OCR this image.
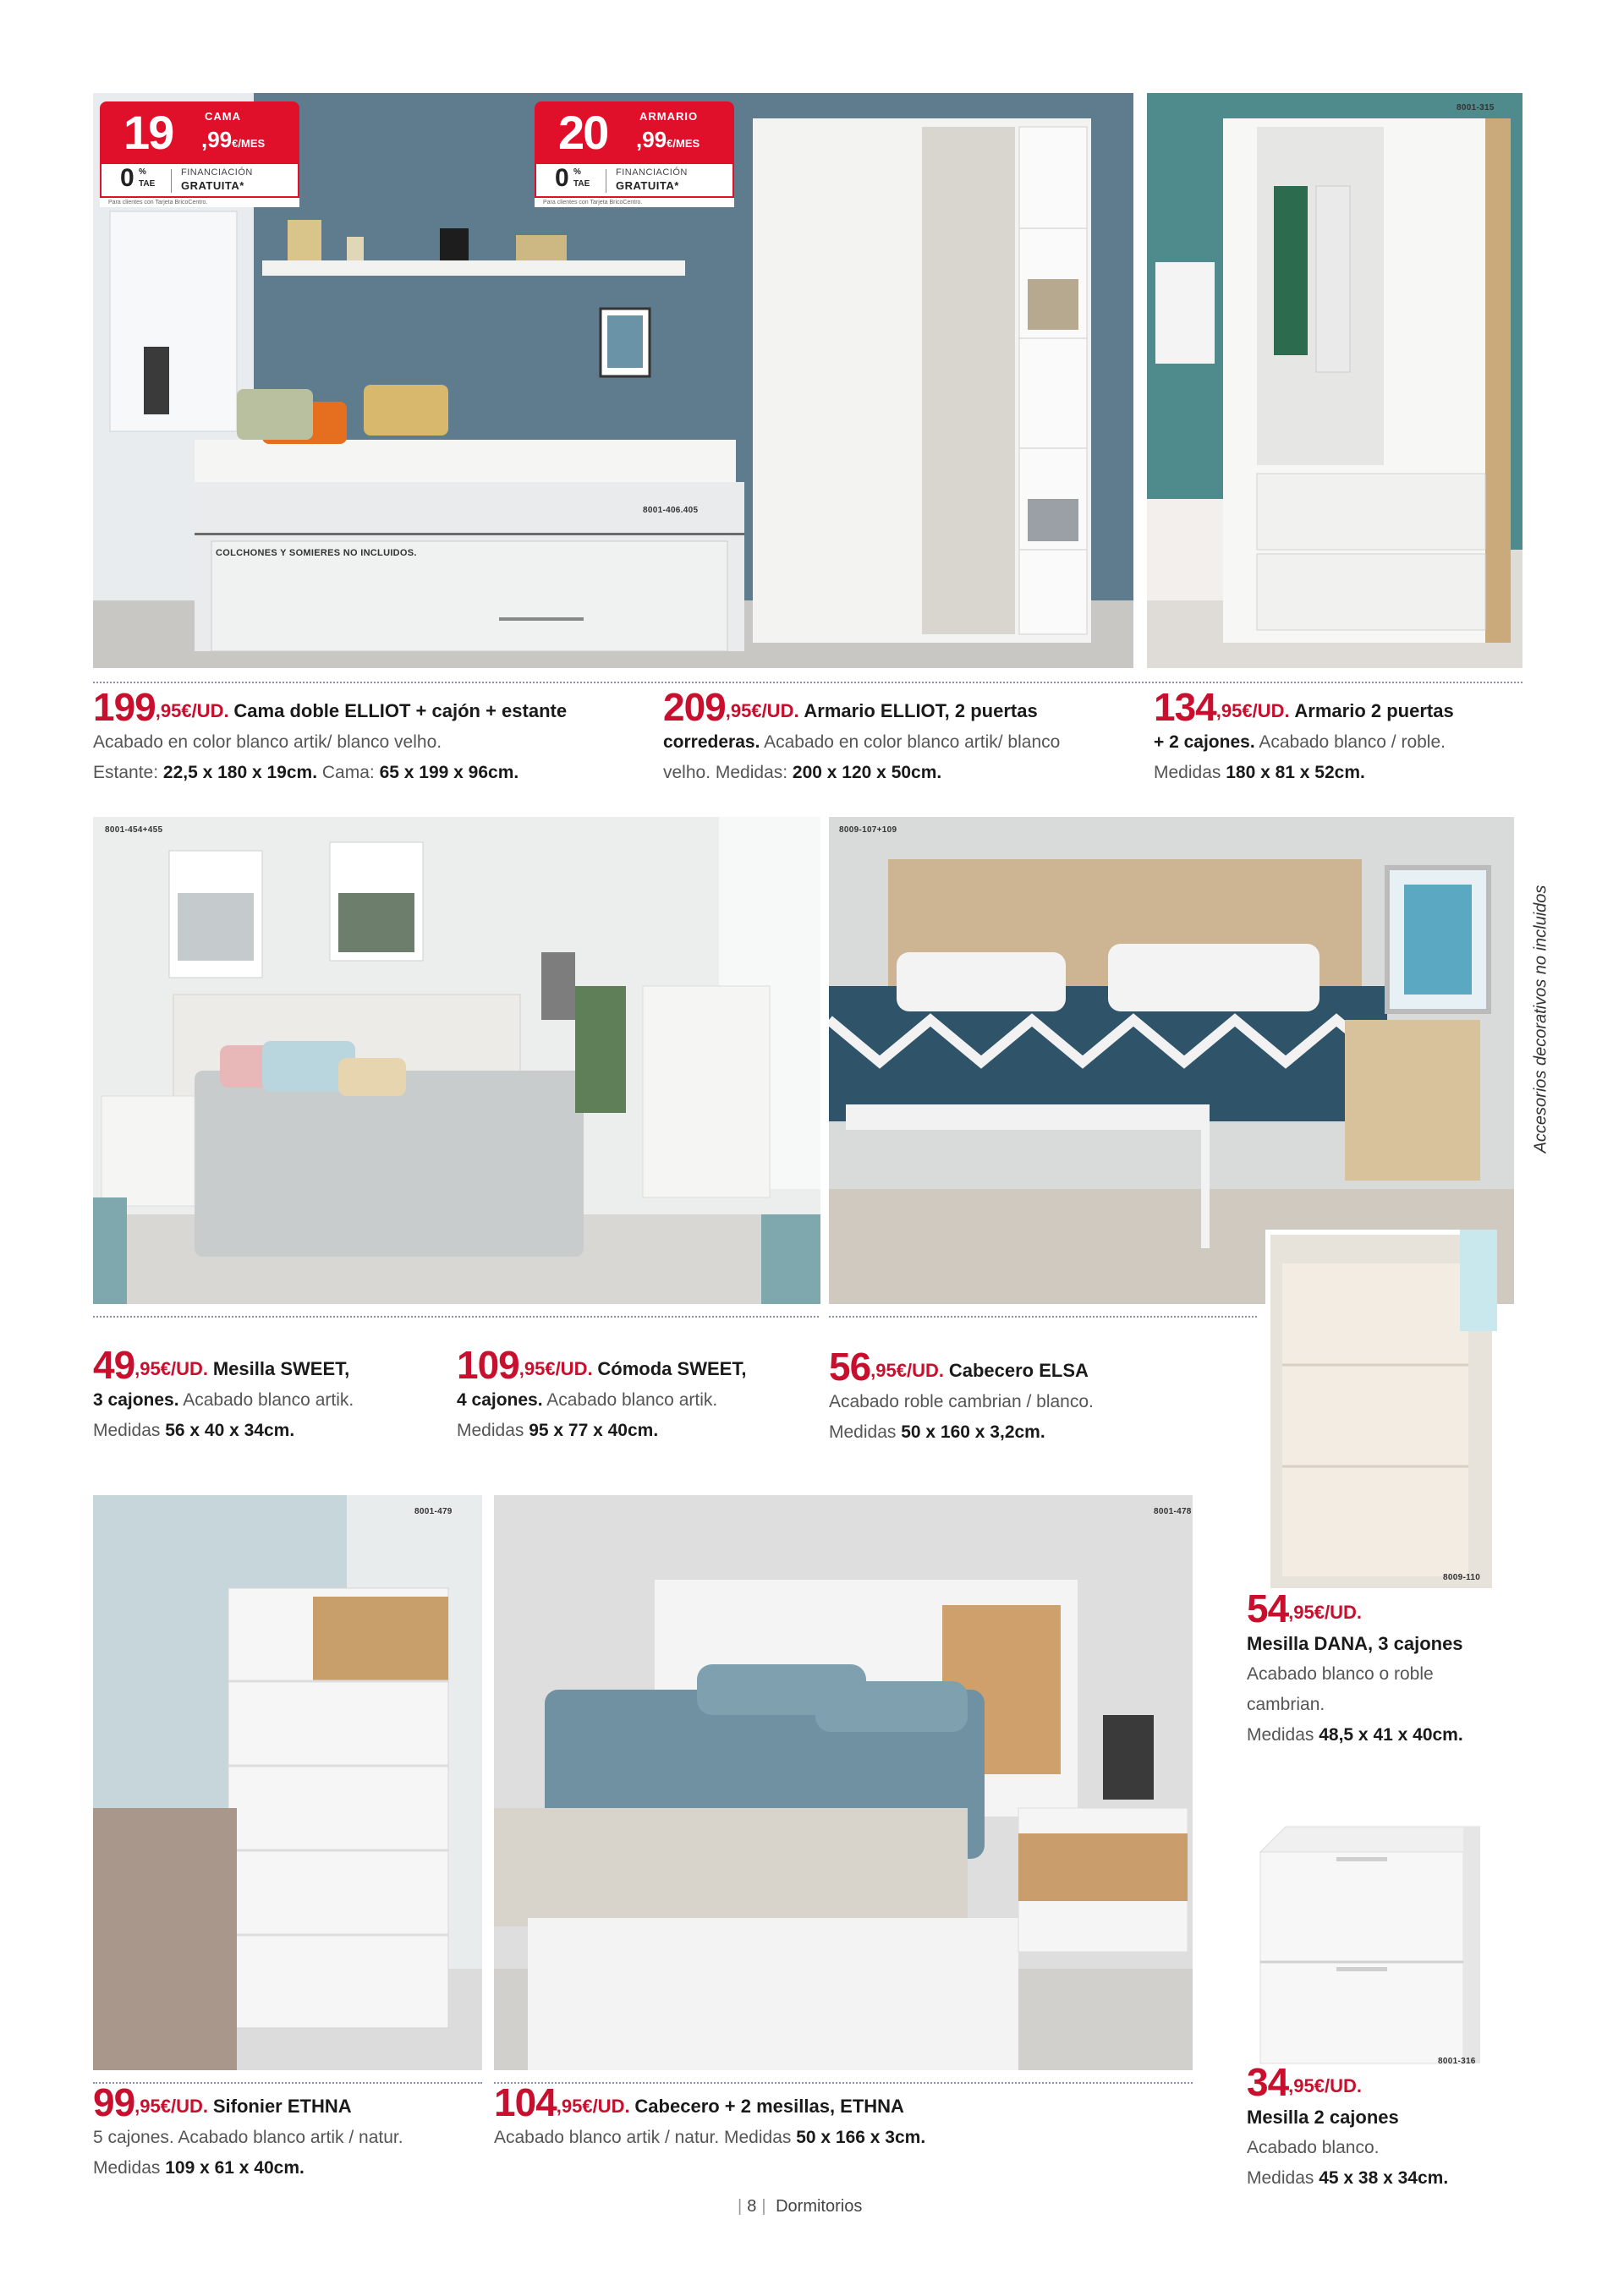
8001-406.405
COLCHONES Y SOMIERES NO INCLUIDOS.
19	CAMA
,99€/MES
0 %
TAE
FINANCIACIÓN
GRATUITA*
Para clientes con Tarjeta BricoCentro.
20	ARMARIO
,99€/MES
0 %
TAE
FINANCIACIÓN
GRATUITA*
Para clientes con Tarjeta BricoCentro.
8001-315
199,95€/UD. Cama doble ELLIOT + cajón + estante
Acabado en color blanco artik/ blanco velho.
Estante: 22,5 x 180 x 19cm. Cama: 65 x 199 x 96cm.
209,95€/UD. Armario ELLIOT, 2 puertas
correderas. Acabado en color blanco artik/ blanco
velho. Medidas: 200 x 120 x 50cm.
134,95€/UD. Armario 2 puertas
+ 2 cajones. Acabado blanco / roble.
Medidas 180 x 81 x 52cm.
8001-454+455	8009-107+109
8009-110
Accesorios decorativos no incluidos
49,95€/UD. Mesilla SWEET,
3 cajones. Acabado blanco artik.
Medidas 56 x 40 x 34cm.
109,95€/UD. Cómoda SWEET,
4 cajones. Acabado blanco artik.
Medidas 95 x 77 x 40cm.
56,95€/UD. Cabecero ELSA
Acabado roble cambrian / blanco.
Medidas 50 x 160 x 3,2cm.
8001-479	8001-478
8001-316
54,95€/UD.
Mesilla DANA, 3 cajones
Acabado blanco o roble
cambrian.
Medidas 48,5 x 41 x 40cm.
99,95€/UD. Sifonier ETHNA
5 cajones. Acabado blanco artik / natur.
Medidas 109 x 61 x 40cm.
104,95€/UD. Cabecero + 2 mesillas, ETHNA
Acabado blanco artik / natur. Medidas 50 x 166 x 3cm.
34,95€/UD.
Mesilla 2 cajones
Acabado blanco.
Medidas 45 x 38 x 34cm.
| 8 | Dormitorios
